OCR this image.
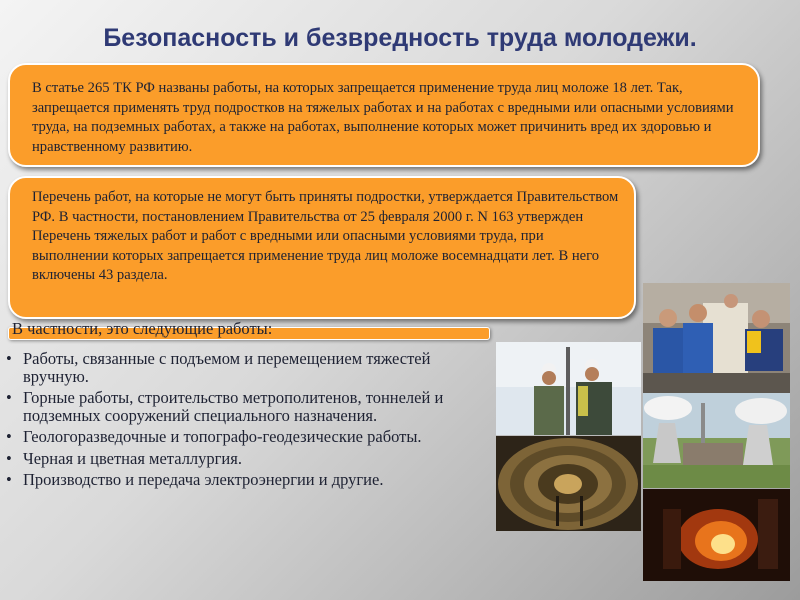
Безопасность и безвредность труда молодежи.

В статье 265 ТК РФ названы работы, на которых запрещается применение труда лиц моложе 18 лет. Так, запрещается применять труд подростков на тяжелых работах и на работах с вредными или опасными условиями труда, на подземных работах, а также на работах, выполнение которых может причинить вред их здоровью и нравственному развитию.

Перечень работ, на которые не могут быть приняты подростки, утверждается Правительством РФ. В частности, постановлением Правительства от 25 февраля 2000 г. N 163 утвержден Перечень тяжелых работ и работ с вредными или опасными условиями труда, при выполнении которых запрещается применение труда лиц моложе восемнадцати лет. В него включены 43 раздела.

В частности, это следующие работы:

• Работы, связанные с подъемом и перемещением тяжестей вручную.
• Горные работы, строительство метрополитенов, тоннелей и подземных сооружений специального назначения.
• Геологоразведочные и топографо-геодезические работы.
• Черная и цветная металлургия.
• Производство и передача электроэнергии и другие.
